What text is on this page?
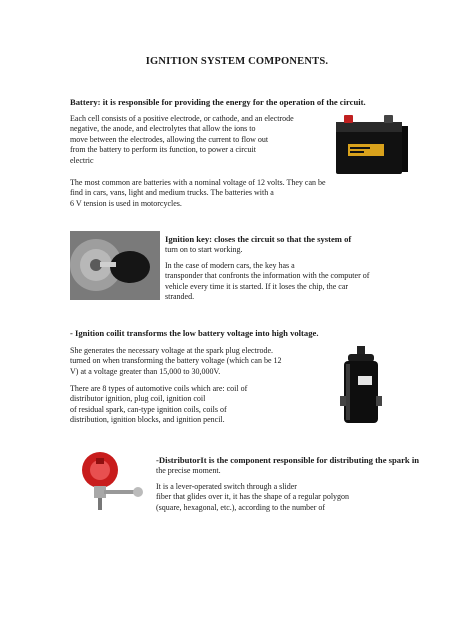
IGNITION SYSTEM COMPONENTS.
Battery: it is responsible for providing the energy for the operation of the circuit.
Each cell consists of a positive electrode, or cathode, and an electrode
negative, the anode, and electrolytes that allow the ions to
move between the electrodes, allowing the current to flow out
from the battery to perform its function, to power a circuit
electric
The most common are batteries with a nominal voltage of 12 volts. They can be
find in cars, vans, light and medium trucks. The batteries with a
6 V tension is used in motorcycles.
Ignition key: closes the circuit so that the system of
turn on to start working.
In the case of modern cars, the key has a
transponder that confronts the information with the computer of
vehicle every time it is started. If it loses the chip, the car
stranded.
- Ignition coilit transforms the low battery voltage into high voltage.
She generates the necessary voltage at the spark plug electrode.
turned on when transforming the battery voltage (which can be 12
V) at a voltage greater than 15,000 to 30,000V.
There are 8 types of automotive coils which are: coil of
distributor ignition, plug coil, ignition coil
of residual spark, can-type ignition coils, coils of
distribution, ignition blocks, and ignition pencil.
-DistributorIt is the component responsible for distributing the spark in
the precise moment.
It is a lever-operated switch through a slider
fiber that glides over it, it has the shape of a regular polygon
(square, hexagonal, etc.), according to the number of
